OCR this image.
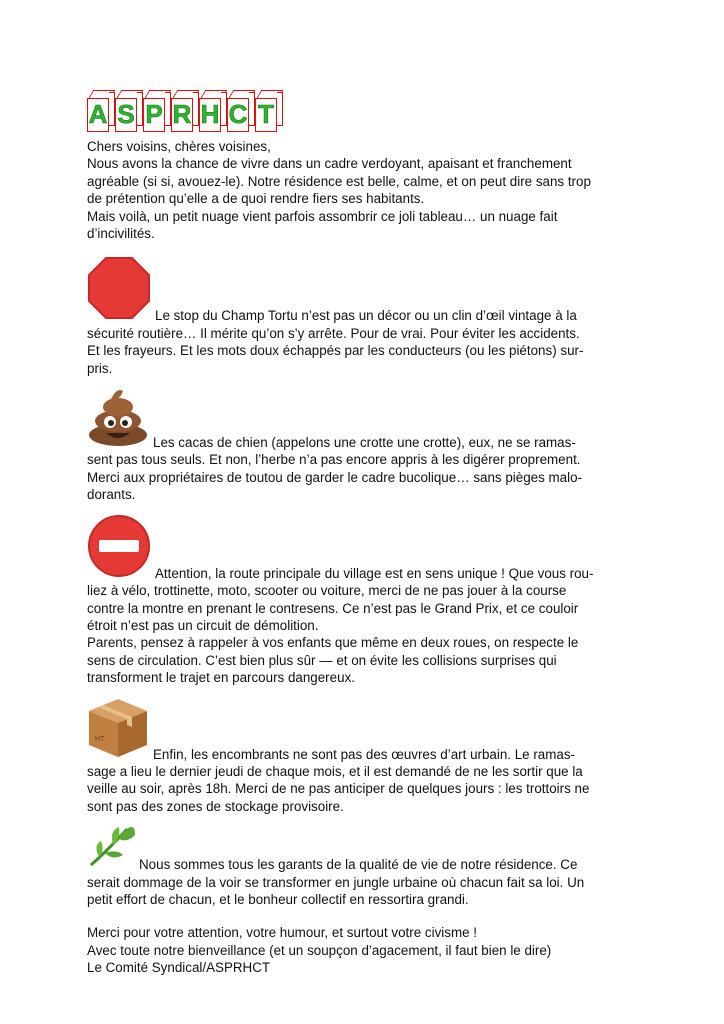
A S P R H C T

Chers voisins, chères voisines,

Nous avons la chance de vivre dans un cadre verdoyant, apaisant et franchement

agréable (si si, avouez-le). Notre résidence est belle, calme, et on peut dire sans trop

de prétention qu’elle a de quoi rendre fiers ses habitants.

Mais voilà, un petit nuage vient parfois assombrir ce joli tableau… un nuage fait

d’incivilités.

Le stop du Champ Tortu n’est pas un décor ou un clin d’œil vintage à la

sécurité routière… Il mérite qu’on s’y arrête. Pour de vrai. Pour éviter les accidents.

Et les frayeurs. Et les mots doux échappés par les conducteurs (ou les piétons) sur-

pris.

Les cacas de chien (appelons une crotte une crotte), eux, ne se ramas-

sent pas tous seuls. Et non, l’herbe n’a pas encore appris à les digérer proprement.

Merci aux propriétaires de toutou de garder le cadre bucolique… sans pièges malo-

dorants.

Attention, la route principale du village est en sens unique ! Que vous rou-

liez à vélo, trottinette, moto, scooter ou voiture, merci de ne pas jouer à la course

contre la montre en prenant le contresens. Ce n’est pas le Grand Prix, et ce couloir

étroit n’est pas un circuit de démolition.

Parents, pensez à rappeler à vos enfants que même en deux roues, on respecte le

sens de circulation. C’est bien plus sûr — et on évite les collisions surprises qui

transforment le trajet en parcours dangereux.

HT
Enfin, les encombrants ne sont pas des œuvres d’art urbain. Le ramas-

sage a lieu le dernier jeudi de chaque mois, et il est demandé de ne les sortir que la

veille au soir, après 18h. Merci de ne pas anticiper de quelques jours : les trottoirs ne

sont pas des zones de stockage provisoire.

Nous sommes tous les garants de la qualité de vie de notre résidence. Ce

serait dommage de la voir se transformer en jungle urbaine où chacun fait sa loi. Un

petit effort de chacun, et le bonheur collectif en ressortira grandi.

Merci pour votre attention, votre humour, et surtout votre civisme !

Avec toute notre bienveillance (et un soupçon d’agacement, il faut bien le dire)

Le Comité Syndical/ASPRHCT
